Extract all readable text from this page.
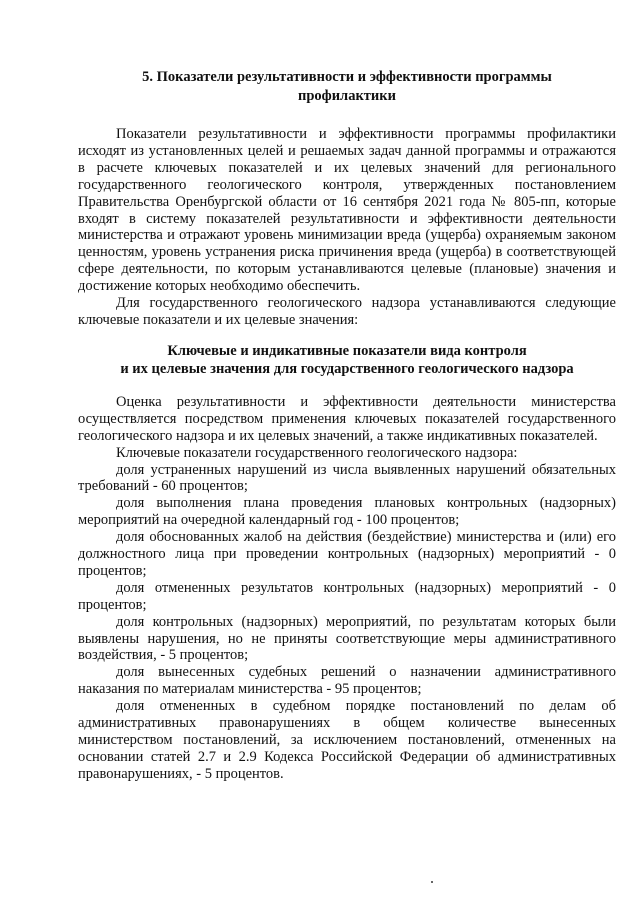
5. Показатели результативности и эффективности программы

профилактики

Показатели результативности и эффективности программы профилактики исходят из установленных целей и решаемых задач данной программы и отражаются в расчете ключевых показателей и их целевых значений для регионального государственного геологического контроля, утвержденных постановлением Правительства Оренбургской области от 16 сентября 2021 года № 805-пп, которые входят в систему показателей результативности и эффективности деятельности министерства и отражают уровень минимизации вреда (ущерба) охраняемым законом ценностям, уровень устранения риска причинения вреда (ущерба) в соответствующей сфере деятельности, по которым устанавливаются целевые (плановые) значения и достижение которых необходимо обеспечить.

Для государственного геологического надзора устанавливаются следующие ключевые показатели и их целевые значения:

Ключевые и индикативные показатели вида контроля

и их целевые значения для государственного геологического надзора

Оценка результативности и эффективности деятельности министерства осуществляется посредством применения ключевых показателей государственного геологического надзора и их целевых значений, а также индикативных показателей.

Ключевые показатели государственного геологического надзора:

доля устраненных нарушений из числа выявленных нарушений обязательных требований - 60 процентов;

доля выполнения плана проведения плановых контрольных (надзорных) мероприятий на очередной календарный год - 100 процентов;

доля обоснованных жалоб на действия (бездействие) министерства и (или) его должностного лица при проведении контрольных (надзорных) мероприятий - 0 процентов;

доля отмененных результатов контрольных (надзорных) мероприятий - 0 процентов;

доля контрольных (надзорных) мероприятий, по результатам которых были выявлены нарушения, но не приняты соответствующие меры административного воздействия, - 5 процентов;

доля вынесенных судебных решений о назначении административного наказания по материалам министерства - 95 процентов;

доля отмененных в судебном порядке постановлений по делам об административных правонарушениях в общем количестве вынесенных министерством постановлений, за исключением постановлений, отмененных на основании статей 2.7 и 2.9 Кодекса Российской Федерации об административных правонарушениях, - 5 процентов.
